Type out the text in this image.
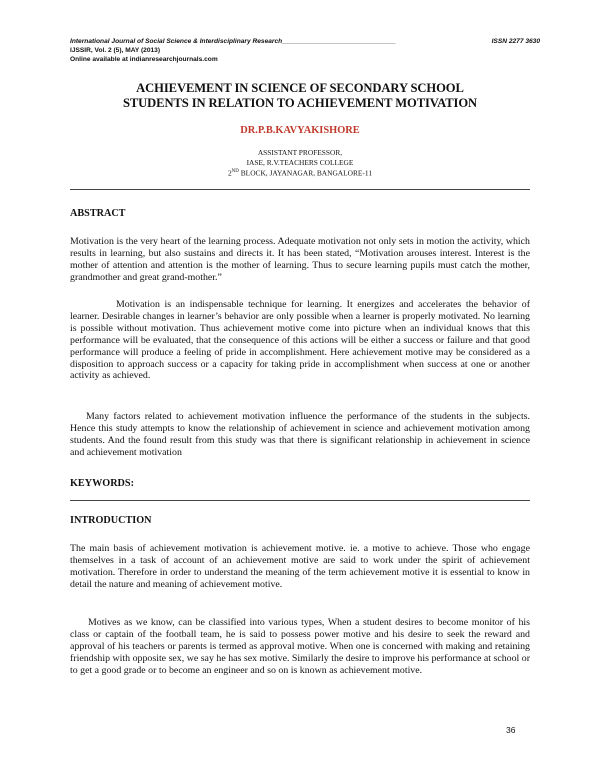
International Journal of Social Science & Interdisciplinary Research_______________________________	ISSN 2277 3630
IJSSIR, Vol. 2 (5), MAY (2013)
Online available at indianresearchjournals.com
ACHIEVEMENT IN SCIENCE OF SECONDARY SCHOOL
STUDENTS IN RELATION TO ACHIEVEMENT MOTIVATION
DR.P.B.KAVYAKISHORE
ASSISTANT PROFESSOR,
IASE, R.V.TEACHERS COLLEGE
2ND BLOCK, JAYANAGAR, BANGALORE-11
ABSTRACT

Motivation is the very heart of the learning process. Adequate motivation not only sets in motion the activity, which results in learning, but also sustains and directs it. It has been stated, “Motivation arouses interest. Interest is the mother of attention and attention is the mother of learning. Thus to secure learning pupils must catch the mother, grandmother and great grand-mother.”

Motivation is an indispensable technique for learning. It energizes and accelerates the behavior of learner. Desirable changes in learner’s behavior are only possible when a learner is properly motivated. No learning is possible without motivation. Thus achievement motive come into picture when an individual knows that this performance will be evaluated, that the consequence of this actions will be either a success or failure and that good performance will produce a feeling of pride in accomplishment. Here achievement motive may be considered as a disposition to approach success or a capacity for taking pride in accomplishment when success at one or another activity as achieved.

Many factors related to achievement motivation influence the performance of the students in the subjects. Hence this study attempts to know the relationship of achievement in science and achievement motivation among students. And the found result from this study was that there is significant relationship in achievement in science and achievement motivation

KEYWORDS:
INTRODUCTION

The main basis of achievement motivation is achievement motive. ie. a motive to achieve. Those who engage themselves in a task of account of an achievement motive are said to work under the spirit of achievement motivation. Therefore in order to understand the meaning of the term achievement motive it is essential to know in detail the nature and meaning of achievement motive.

Motives as we know, can be classified into various types, When a student desires to become monitor of his class or captain of the football team, he is said to possess power motive and his desire to seek the reward and approval of his teachers or parents is termed as approval motive. When one is concerned with making and retaining friendship with opposite sex, we say he has sex motive. Similarly the desire to improve his performance at school or to get a good grade or to become an engineer and so on is known as achievement motive.

36
